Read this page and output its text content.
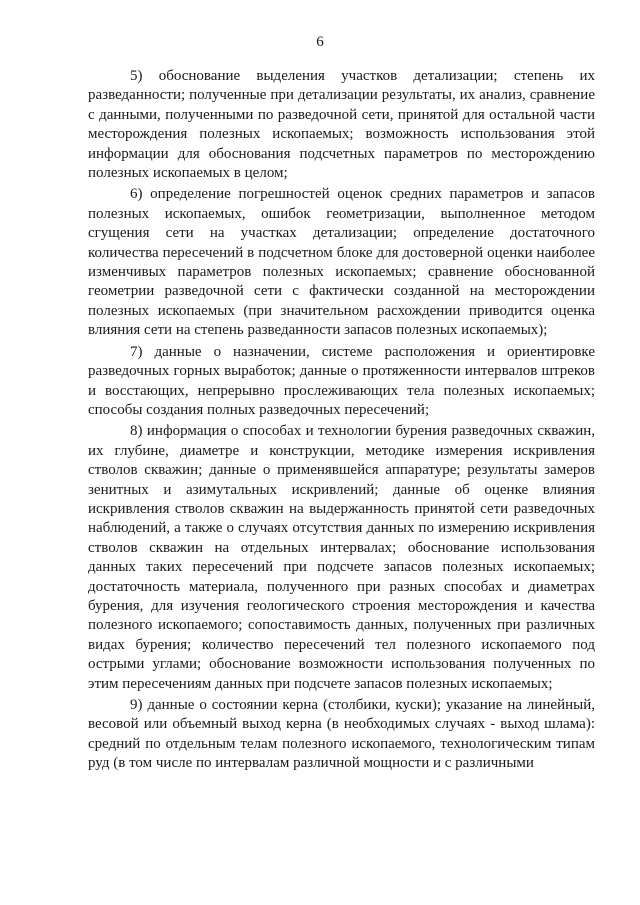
6

5) обоснование выделения участков детализации; степень их разведанности; полученные при детализации результаты, их анализ, сравнение с данными, полученными по разведочной сети, принятой для остальной части месторождения полезных ископаемых; возможность использования этой информации для обоснования подсчетных параметров по месторождению полезных ископаемых в целом;

6) определение погрешностей оценок средних параметров и запасов полезных ископаемых, ошибок геометризации, выполненное методом сгущения сети на участках детализации; определение достаточного количества пересечений в подсчетном блоке для достоверной оценки наиболее изменчивых параметров полезных ископаемых; сравнение обоснованной геометрии разведочной сети с фактически созданной на месторождении полезных ископаемых (при значительном расхождении приводится оценка влияния сети на степень разведанности запасов полезных ископаемых);

7) данные о назначении, системе расположения и ориентировке разведочных горных выработок; данные о протяженности интервалов штреков и восстающих, непрерывно прослеживающих тела полезных ископаемых; способы создания полных разведочных пересечений;

8) информация о способах и технологии бурения разведочных скважин, их глубине, диаметре и конструкции, методике измерения искривления стволов скважин; данные о применявшейся аппаратуре; результаты замеров зенитных и азимутальных искривлений; данные об оценке влияния искривления стволов скважин на выдержанность принятой сети разведочных наблюдений, а также о случаях отсутствия данных по измерению искривления стволов скважин на отдельных интервалах; обоснование использования данных таких пересечений при подсчете запасов полезных ископаемых; достаточность материала, полученного при разных способах и диаметрах бурения, для изучения геологического строения месторождения и качества полезного ископаемого; сопоставимость данных, полученных при различных видах бурения; количество пересечений тел полезного ископаемого под острыми углами; обоснование возможности использования полученных по этим пересечениям данных при подсчете запасов полезных ископаемых;

9) данные о состоянии керна (столбики, куски); указание на линейный, весовой или объемный выход керна (в необходимых случаях - выход шлама): средний по отдельным телам полезного ископаемого, технологическим типам руд (в том числе по интервалам различной мощности и с различными
